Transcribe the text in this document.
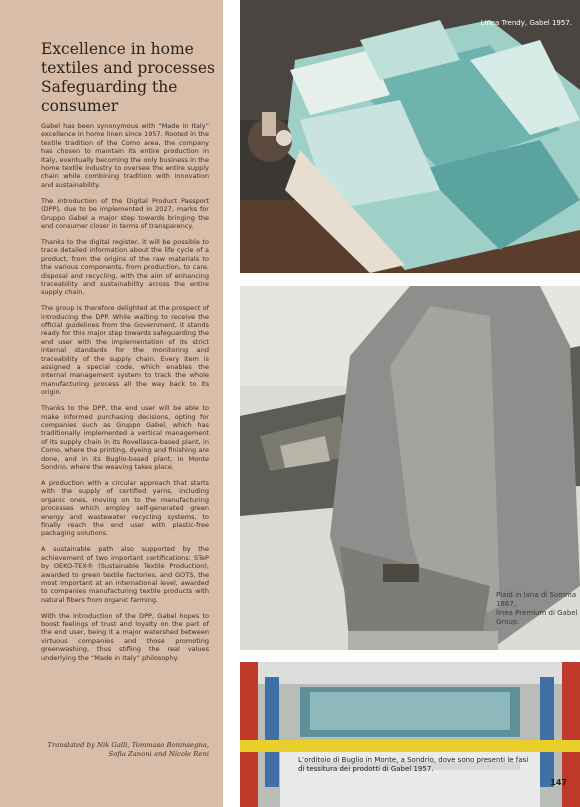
Excellence in home
textiles and processes
Safeguarding the consumer

Gabel has been synonymous with “Made in Italy” excellence in home linen since 1957. Rooted in the textile tradition of the Como area, the company has chosen to maintain its entire production in Italy, eventually becoming the only business in the home textile industry to oversee the entire supply chain while combining tradition with innovation and sustainability.

The introduction of the Digital Product Passport (DPP), due to be implemented in 2027, marks for Gruppo Gabel a major step towards bringing the end consumer closer in terms of transparency.

Thanks to the digital register, it will be possible to trace detailed information about the life cycle of a product, from the origins of the raw materials to the various components, from production, to care, disposal and recycling, with the aim of enhancing traceability and sustainability across the entire supply chain.

The group is therefore delighted at the prospect of introducing the DPP. While waiting to receive the official guidelines from the Government, it stands ready for this major step towards safeguarding the end user with the implementation of its strict internal standards for the monitoring and traceability of the supply chain. Every item is assigned a special code, which enables the internal management system to track the whole manufacturing process all the way back to its origin.

Thanks to the DPP, the end user will be able to make informed purchasing decisions, opting for companies such as Gruppo Gabel, which has traditionally implemented a vertical management of its supply chain in its Rovellasca-based plant, in Como, where the printing, dyeing and finishing are done, and in its Buglio-based plant, in Monte Sondrio, where the weaving takes place.

A production with a circular approach that starts with the supply of certified yarns, including organic ones, moving on to the manufacturing processes which employ self-generated green energy and wastewater recycling systems, to finally reach the end user with plastic-free packaging solutions.

A sustainable path also supported by the achievement of two important certifications: STeP by OEKO-TEX® (Sustainable Textile Production), awarded to green textile factories, and GOTS, the most important at an international level, awarded to companies manufacturing textile products with natural fibers from organic farming.

With the introduction of the DPP, Gabel hopes to boost feelings of trust and loyalty on the part of the end user, being it a major watershed between virtuous companies and those promoting greenwashing, thus stifling the real values underlying the “Made in Italy” philosophy.

Translated by Nik Galli, Tommaso Boninsegna,
Sofia Zanoni and Nicole Reni

Linea Trendy, Gabel 1957.
Plaid in lana di Somma 1867,
linea Premium di Gabel Group.

L’orditoio di Buglio in Monte, a Sondrio, dove sono presenti le fasi
di tessitura dei prodotti di Gabel 1957.

147
